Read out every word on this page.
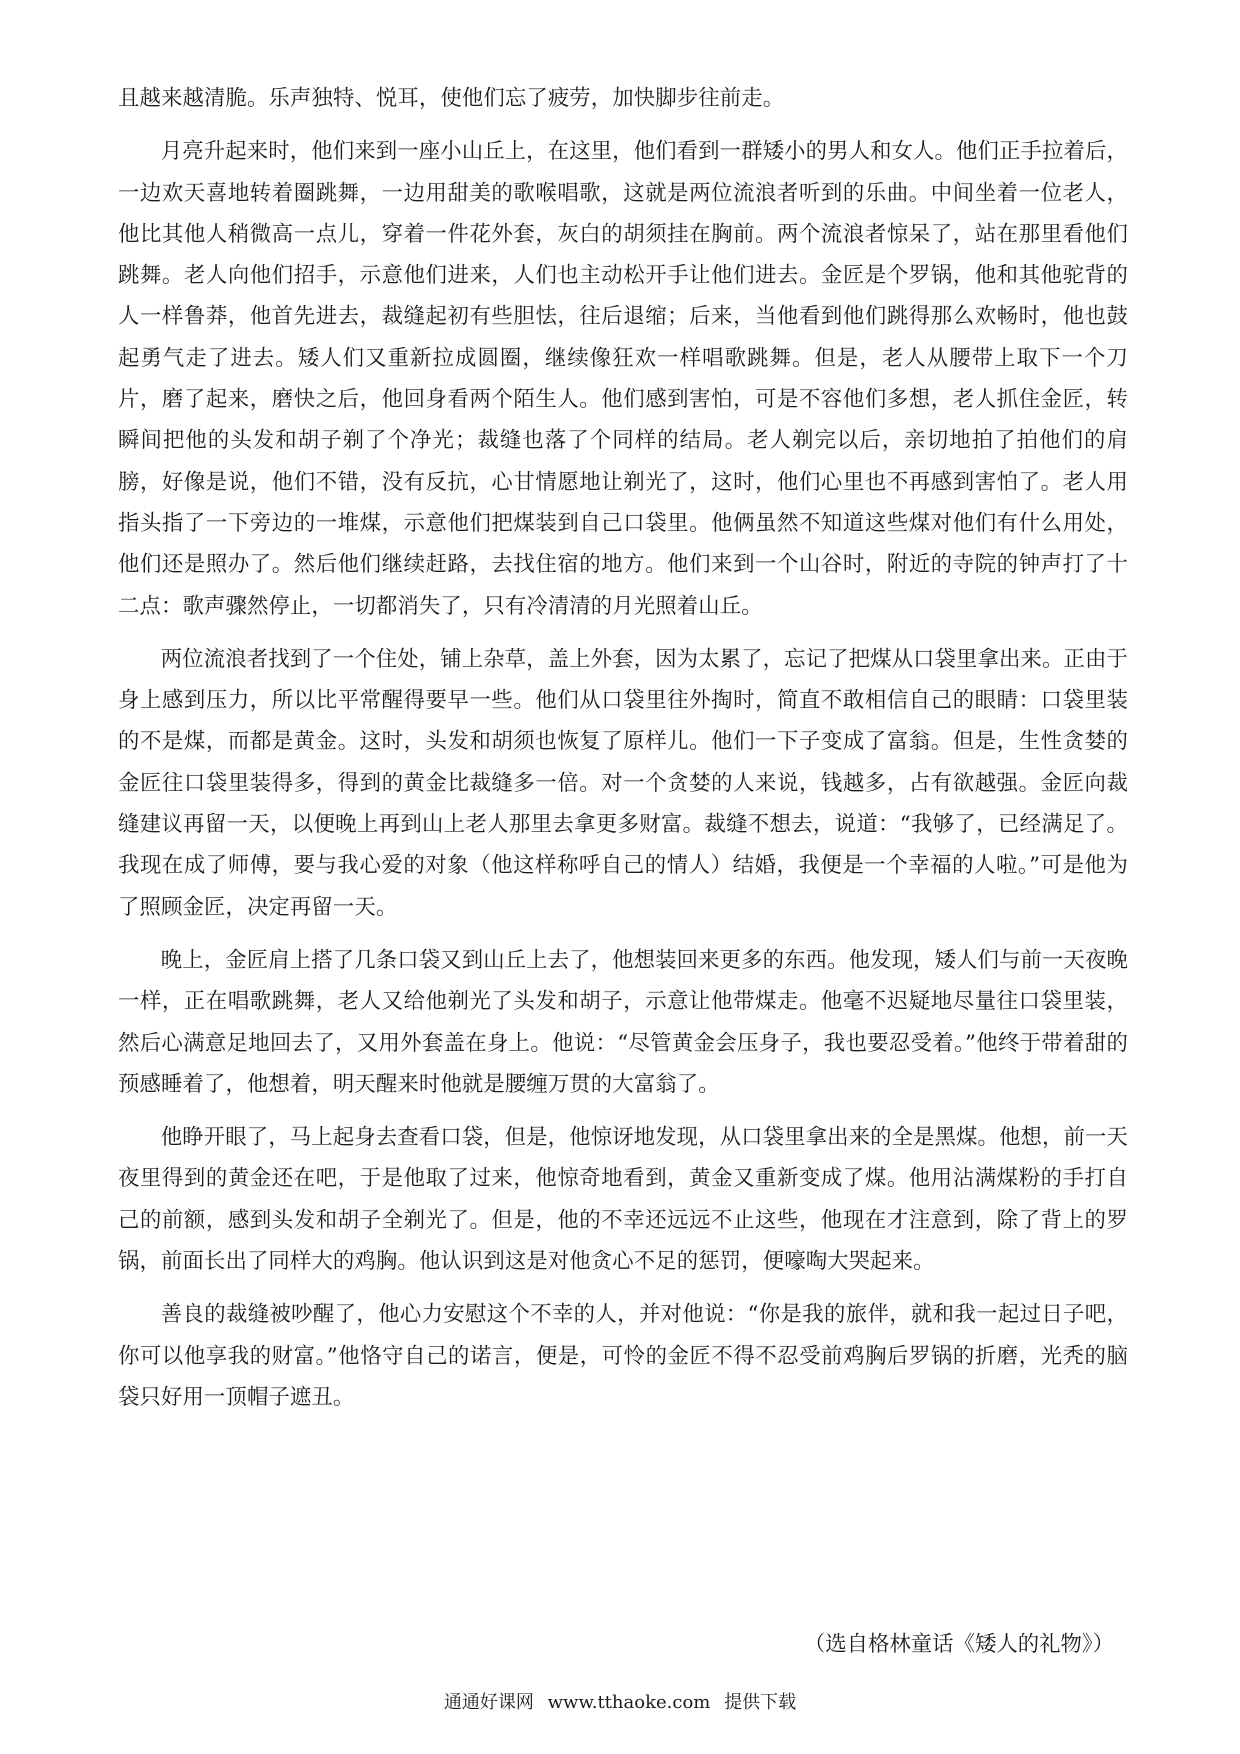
且越来越清脆。乐声独特、悦耳，使他们忘了疲劳，加快脚步往前走。

月亮升起来时，他们来到一座小山丘上，在这里，他们看到一群矮小的男人和女人。他们正手拉着后，一边欢天喜地转着圈跳舞，一边用甜美的歌喉唱歌，这就是两位流浪者听到的乐曲。中间坐着一位老人，他比其他人稍微高一点儿，穿着一件花外套，灰白的胡须挂在胸前。两个流浪者惊呆了，站在那里看他们跳舞。老人向他们招手，示意他们进来，人们也主动松开手让他们进去。金匠是个罗锅，他和其他驼背的人一样鲁莽，他首先进去，裁缝起初有些胆怯，往后退缩；后来，当他看到他们跳得那么欢畅时，他也鼓起勇气走了进去。矮人们又重新拉成圆圈，继续像狂欢一样唱歌跳舞。但是，老人从腰带上取下一个刀片，磨了起来，磨快之后，他回身看两个陌生人。他们感到害怕，可是不容他们多想，老人抓住金匠，转瞬间把他的头发和胡子剃了个净光；裁缝也落了个同样的结局。老人剃完以后，亲切地拍了拍他们的肩膀，好像是说，他们不错，没有反抗，心甘情愿地让剃光了，这时，他们心里也不再感到害怕了。老人用指头指了一下旁边的一堆煤，示意他们把煤装到自己口袋里。他俩虽然不知道这些煤对他们有什么用处，他们还是照办了。然后他们继续赶路，去找住宿的地方。他们来到一个山谷时，附近的寺院的钟声打了十二点：歌声骤然停止，一切都消失了，只有冷清清的月光照着山丘。

两位流浪者找到了一个住处，铺上杂草，盖上外套，因为太累了，忘记了把煤从口袋里拿出来。正由于身上感到压力，所以比平常醒得要早一些。他们从口袋里往外掏时，简直不敢相信自己的眼睛：口袋里装的不是煤，而都是黄金。这时，头发和胡须也恢复了原样儿。他们一下子变成了富翁。但是，生性贪婪的金匠往口袋里装得多，得到的黄金比裁缝多一倍。对一个贪婪的人来说，钱越多，占有欲越强。金匠向裁缝建议再留一天，以便晚上再到山上老人那里去拿更多财富。裁缝不想去，说道：“我够了，已经满足了。我现在成了师傅，要与我心爱的对象（他这样称呼自己的情人）结婚，我便是一个幸福的人啦。”可是他为了照顾金匠，决定再留一天。

晚上，金匠肩上搭了几条口袋又到山丘上去了，他想装回来更多的东西。他发现，矮人们与前一天夜晚一样，正在唱歌跳舞，老人又给他剃光了头发和胡子，示意让他带煤走。他毫不迟疑地尽量往口袋里装，然后心满意足地回去了，又用外套盖在身上。他说：“尽管黄金会压身子，我也要忍受着。”他终于带着甜的预感睡着了，他想着，明天醒来时他就是腰缠万贯的大富翁了。

他睁开眼了，马上起身去查看口袋，但是，他惊讶地发现，从口袋里拿出来的全是黑煤。他想，前一天夜里得到的黄金还在吧，于是他取了过来，他惊奇地看到，黄金又重新变成了煤。他用沾满煤粉的手打自己的前额，感到头发和胡子全剃光了。但是，他的不幸还远远不止这些，他现在才注意到，除了背上的罗锅，前面长出了同样大的鸡胸。他认识到这是对他贪心不足的惩罚，便嚎啕大哭起来。

善良的裁缝被吵醒了，他心力安慰这个不幸的人，并对他说：“你是我的旅伴，就和我一起过日子吧，你可以他享我的财富。”他恪守自己的诺言，便是，可怜的金匠不得不忍受前鸡胸后罗锅的折磨，光秃的脑袋只好用一顶帽子遮丑。

（选自格林童话《矮人的礼物》）
通通好课网 www.tthaoke.com 提供下载
